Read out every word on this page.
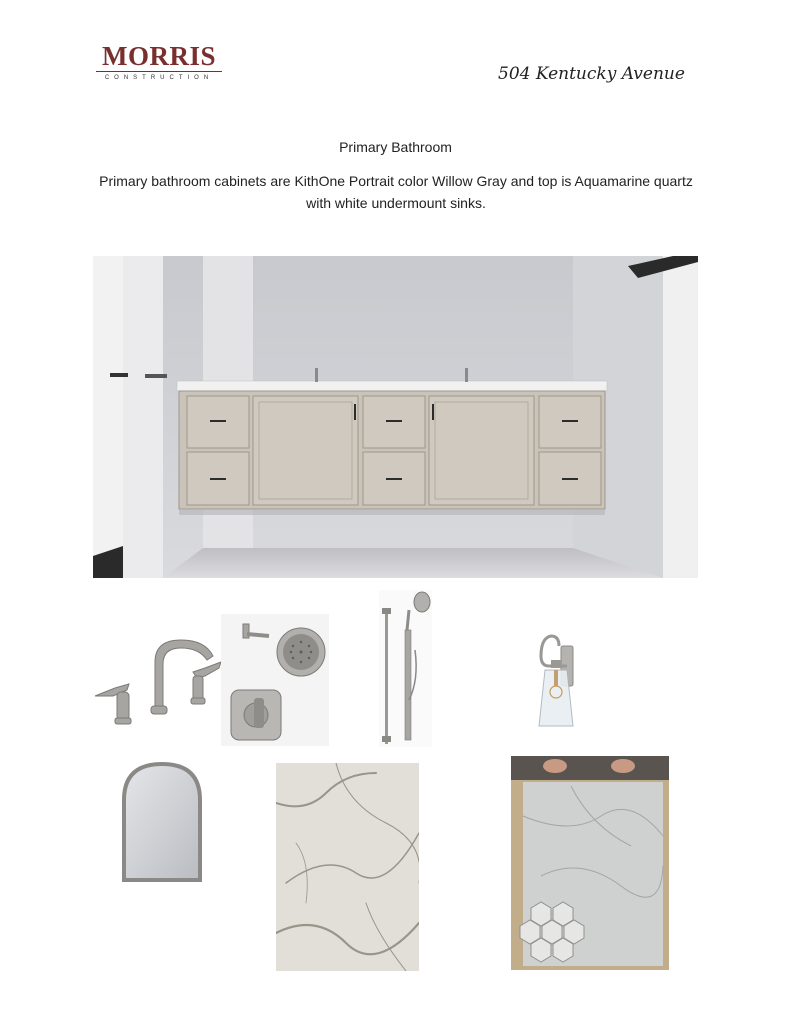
MORRIS
CONSTRUCTION	504 Kentucky Avenue
Primary Bathroom
Primary bathroom cabinets are KithOne Portrait color Willow Gray and top is Aquamarine quartz with white undermount sinks.
